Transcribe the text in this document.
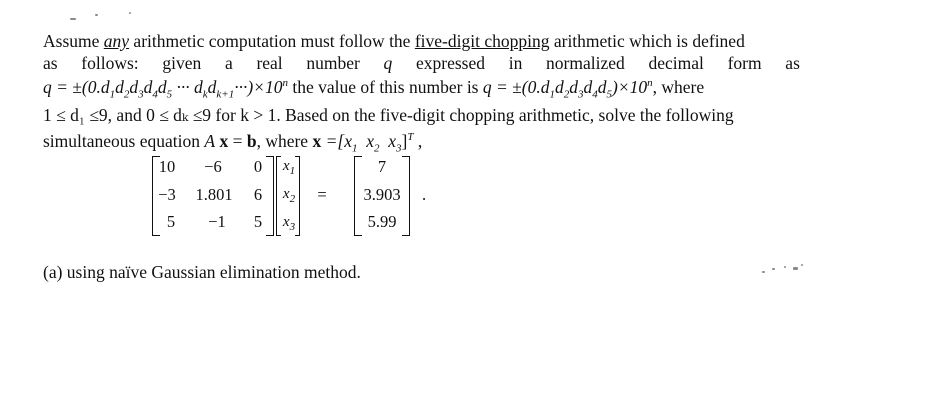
Assume any arithmetic computation must follow the five-digit chopping arithmetic which is defined
as follows: given a real number q expressed in normalized decimal form as
$q = \pm(0.d_1d_2d_3d_4d_5$ ··· $d_kd_{k+1}\cdot\cdot\cdot)\times 10^n$ the value of this number is $q = \pm(0.d_1d_2d_3d_4d_5)\times 10^n$, where
1 ≤ d₁ ≤9, and 0 ≤ dₖ ≤9 for k > 1. Based on the five-digit chopping arithmetic, solve the following
simultaneous equation A x = b, where $x =[x_1$ $x_2$ $x_3]^T$ ,
10	−6	0
−3 1.801 6
5	−1	5
$x_1$
$x_2$
$x_3$
=
7
3.903
5.99
.
(a) using naïve Gaussian elimination method.
